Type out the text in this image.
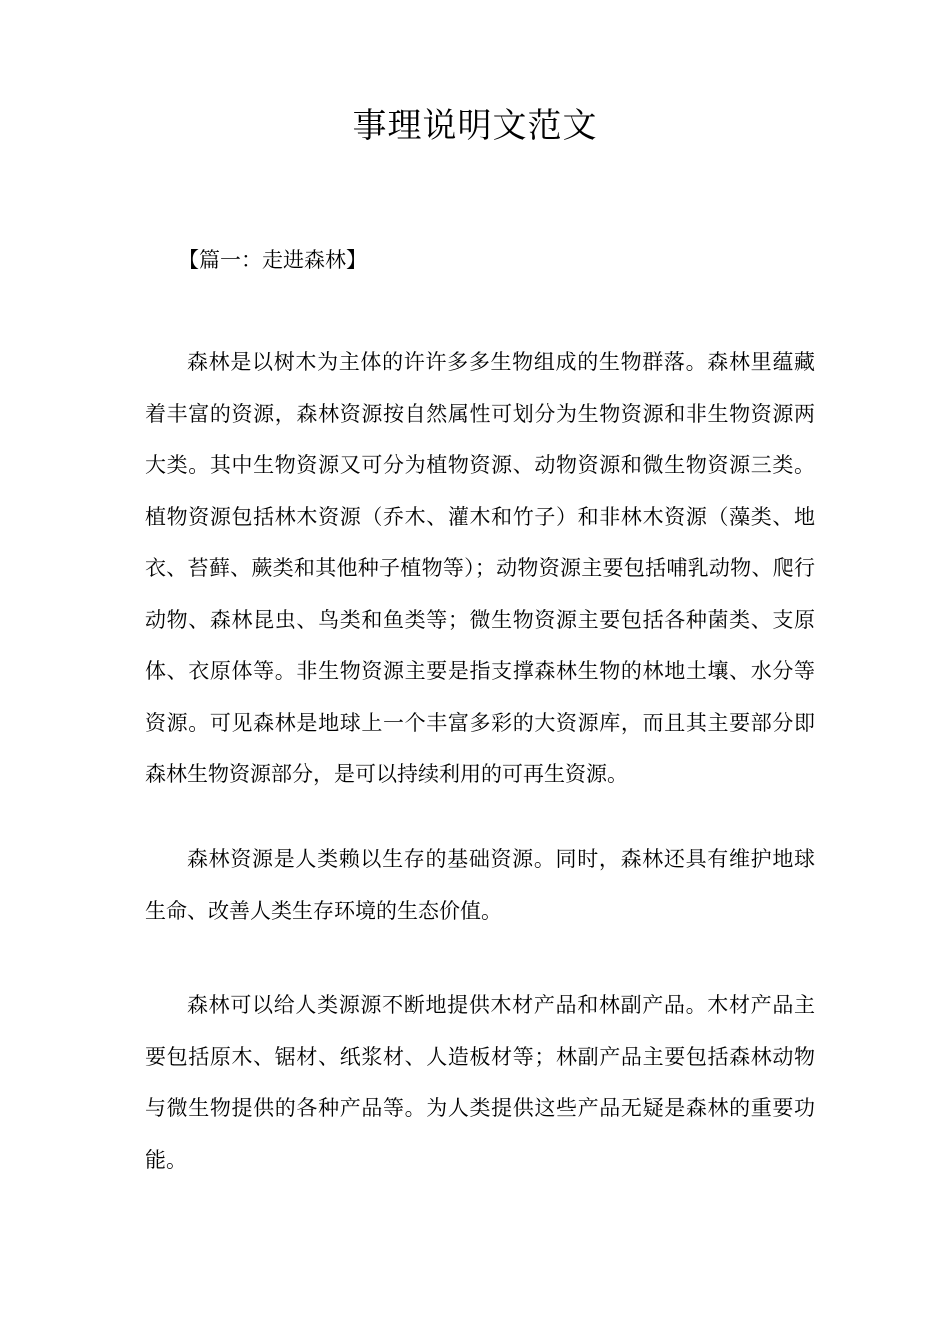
事理说明文范文
【篇一：走进森林】

森林是以树木为主体的许许多多生物组成的生物群落。森林里蕴藏着丰富的资源，森林资源按自然属性可划分为生物资源和非生物资源两大类。其中生物资源又可分为植物资源、动物资源和微生物资源三类。植物资源包括林木资源（乔木、灌木和竹子）和非林木资源（藻类、地衣、苔藓、蕨类和其他种子植物等）；动物资源主要包括哺乳动物、爬行动物、森林昆虫、鸟类和鱼类等；微生物资源主要包括各种菌类、支原体、衣原体等。非生物资源主要是指支撑森林生物的林地土壤、水分等资源。可见森林是地球上一个丰富多彩的大资源库，而且其主要部分即森林生物资源部分，是可以持续利用的可再生资源。

森林资源是人类赖以生存的基础资源。同时，森林还具有维护地球生命、改善人类生存环境的生态价值。

森林可以给人类源源不断地提供木材产品和林副产品。木材产品主要包括原木、锯材、纸浆材、人造板材等；林副产品主要包括森林动物与微生物提供的各种产品等。为人类提供这些产品无疑是森林的重要功能。
